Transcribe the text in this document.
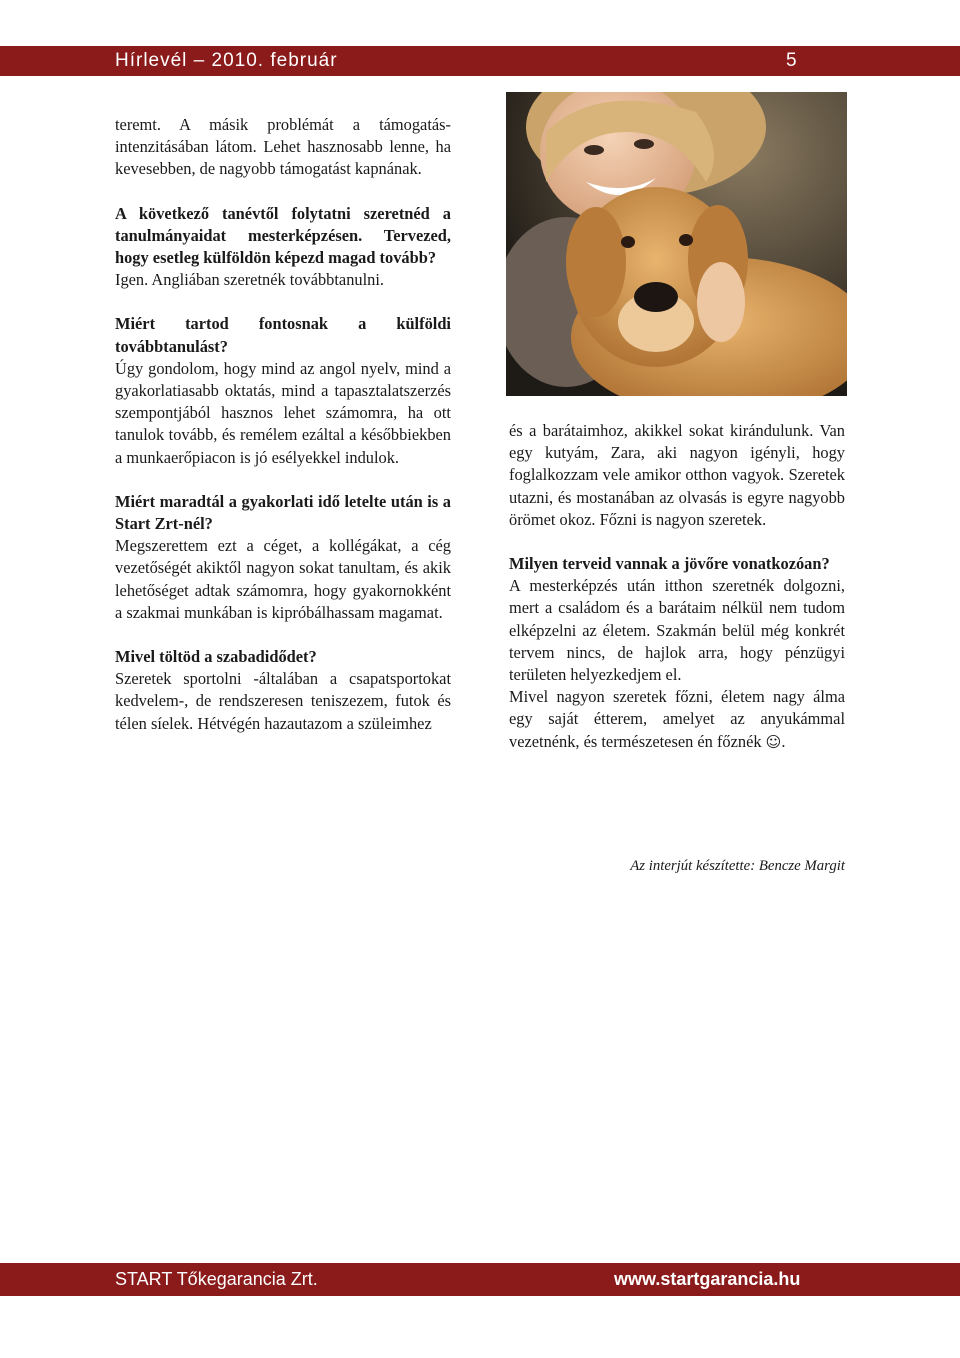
Hírlevél – 2010. február	5

teremt. A másik problémát a támogatás-intenzitásában látom. Lehet hasznosabb lenne, ha kevesebben, de nagyobb támogatást kapnának.

A következő tanévtől folytatni szeretnéd a tanulmányaidat mesterképzésen. Tervezed, hogy esetleg külföldön képezd magad tovább?

Igen. Angliában szeretnék továbbtanulni.

Miért tartod fontosnak a külföldi továbbtanulást?

Úgy gondolom, hogy mind az angol nyelv, mind a gyakorlatiasabb oktatás, mind a tapasztalatszerzés szempontjából hasznos lehet számomra, ha ott tanulok tovább, és remélem ezáltal a későbbiekben a munkaerőpiacon is jó esélyekkel indulok.

Miért maradtál a gyakorlati idő letelte után is a Start Zrt-nél?

Megszerettem ezt a céget, a kollégákat, a cég vezetőségét akiktől nagyon sokat tanultam, és akik lehetőséget adtak számomra, hogy gyakornokként a szakmai munkában is kipróbálhassam magamat.

Mivel töltöd a szabadidődet?

Szeretek sportolni -általában a csapatsportokat kedvelem-, de rendszeresen teniszezem, futok és télen síelek. Hétvégén hazautazom a szüleimhez

és a barátaimhoz, akikkel sokat kirándulunk. Van egy kutyám, Zara, aki nagyon igényli, hogy foglalkozzam vele amikor otthon vagyok. Szeretek utazni, és mostanában az olvasás is egyre nagyobb örömet okoz. Főzni is nagyon szeretek.

Milyen terveid vannak a jövőre vonatkozóan?

A mesterképzés után itthon szeretnék dolgozni, mert a családom és a barátaim nélkül nem tudom elképzelni az életem. Szakmán belül még konkrét tervem nincs, de hajlok arra, hogy pénzügyi területen helyezkedjem el.

Mivel nagyon szeretek főzni, életem nagy álma egy saját étterem, amelyet az anyukámmal vezetnénk, és természetesen én főznék ☺.

Az interjút készítette: Bencze Margit
START Tőkegarancia Zrt.	www.startgarancia.hu
